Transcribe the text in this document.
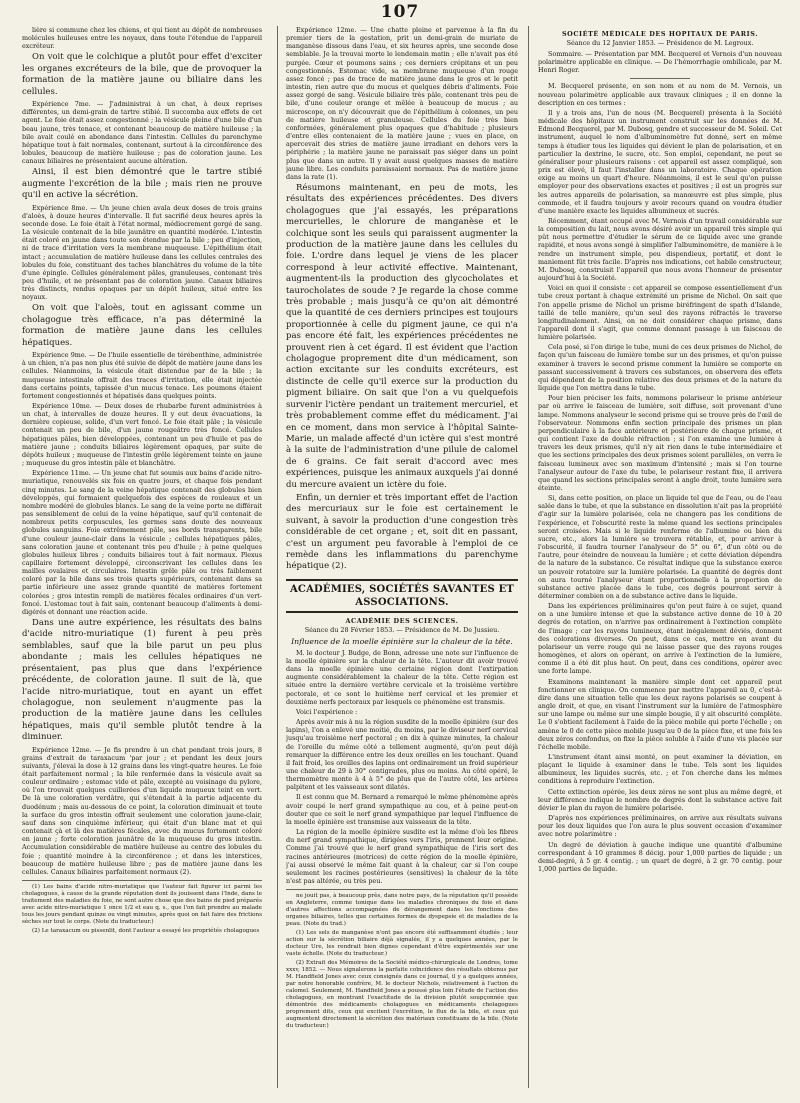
107

lière si commune chez les chiens, et qui tient au dépôt de nombreuses molécules huileuses entre les noyaux, dans toute l'étendue de l'appareil excréteur.

On voit que le colchique a plutôt pour effet d'exciter les organes excréteurs de la bile, que de provoquer la formation de la matière jaune ou biliaire dans les cellules.

Expérience 7me. — J'administrai à un chat, à deux reprises différentes, un demi-grain de tartre stibié. Il succomba aux effets de cet agent. Le foie était assez congestionné ; la vésicule pleine d'une bile d'un beau jaune, très tenace, et contenant beaucoup de matière huileuse ; la bile avait coulé en abondance dans l'intestin. Cellules du parenchyme hépatique tout à fait normales, contenant, surtout à la circonférence des lobules, beaucoup de matière huileuse ; pas de coloration jaune. Les canaux biliaires ne présentaient aucune altération.

Ainsi, il est bien démontré que le tartre stibié augmente l'excrétion de la bile ; mais rien ne prouve qu'il en active la sécrétion.

Expérience 8me. — Un jeune chien avala deux doses de trois grains d'aloès, à douze heures d'intervalle. Il fut sacrifié deux heures après la seconde dose. Le foie était à l'état normal, médiocrement gorgé de sang. La vésicule contenait de la bile jaunâtre en quantité modérée. L'intestin était coloré en jaune dans toute son étendue par la bile ; peu d'injection, ni de trace d'irritation vers la membrane muqueuse. L'épithélium était intact ; accumulation de matière huileuse dans les cellules centrales des lobules du foie, constituant des taches blanchâtres du volume de la tête d'une épingle. Cellules généralement pâles, granuleuses, contenant très peu d'huile, et ne présentant pas de coloration jaune. Canaux biliaires très distincts, rendus opaques par un dépôt huileux, situé entre les noyaux.

On voit que l'aloès, tout en agissant comme un cholagogue très efficace, n'a pas déterminé la formation de matière jaune dans les cellules hépatiques.

Expérience 9me. — De l'huile essentielle de térébenthine, administrée à un chien, n'a pas non plus été suivie de dépôt de matière jaune dans les cellules. Néanmoins, la vésicule était distendue par de la bile ; la muqueuse intestinale offrait des traces d'irritation, elle était injectée dans certains points, tapissée d'un mucus tenace. Les poumons étaient fortement congestionnés et hépatisés dans quelques points.

Expérience 10me. — Deux doses de rhubarbe furent administrées à un chat, à intervalles de douze heures. Il y eut deux évacuations, la dernière copieuse, solide, d'un vert foncé. Le foie était pâle ; la vésicule contenait un peu de bile, d'un jaune rougeâtre très foncé. Cellules hépatiques pâles, bien développées, contenant un peu d'huile et pas de matière jaune ; conduits biliaires légèrement opaques, par suite de dépôts huileux ; muqueuse de l'intestin grêle légèrement teinte en jaune ; muqueuse du gros intestin pâle et blanchâtre.

Expérience 11me. — Un jeune chat fut soumis aux bains d'acide nitro-muriatique, renouvelés six fois en quatre jours, et chaque fois pendant cinq minutes. Le sang de la veine hépatique contenait des globules bien développés, qui formaient quelquefois des espèces de rouleaux et un nombre modéré de globules blancs. Le sang de la veine porte ne différait pas sensiblement de celui de la veine hépatique, sauf qu'il contenait de nombreux petits corpuscules, les germes sans doute des nouveaux globules sanguins. Foie extrêmement pâle, ses bords transparents, bile d'une couleur jaune-clair dans la vésicule ; cellules hépatiques pâles, sans coloration jaune et contenant très peu d'huile ; à peine quelques globules huileux libres ; conduits biliaires tout à fait normaux. Plexus capillaire fortement développé, circonscrivant les cellules dans les mailles ovalaires et circulaires. Intestin grêle pâle ou très faiblement coloré par la bile dans ses trois quarts supérieurs, contenant dans sa partie inférieure une assez grande quantité de matières fortement colorées ; gros intestin rempli de matières fécales ordinaires d'un vert-foncé. L'estomac tout à fait sain, contenant beaucoup d'aliments à demi-digérés et donnant une réaction acide.

Dans une autre expérience, les résultats des bains d'acide nitro-muriatique (1) furent à peu près semblables, sauf que la bile parut un peu plus abondante ; mais les cellules hépatiques ne présentaient, pas plus que dans l'expérience précédente, de coloration jaune. Il suit de là, que l'acide nitro-muriatique, tout en ayant un effet cholagogue, non seulement n'augmente pas la production de la matière jaune dans les cellules hépatiques, mais qu'il semble plutôt tendre à la diminuer.

Expérience 12me. — Je fis prendre à un chat pendant trois jours, 8 grains d'extrait de taraxacum 'par jour ; et pendant les deux jours suivants, j'élevai la dose à 12 grains dans les vingt-quatre heures. Le foie était parfaitement normal ; la bile renfermée dans la vésicule avait sa couleur ordinaire ; estomac vide et pâle, excepté au voisinage du pylore, où l'on trouvait quelques cuillerées d'un liquide muqueux teint en vert. De là une coloration verdâtre, qui s'étendait à la partie adjacente du duodénum ; mais au-dessous de ce point, la coloration diminuait et toute la surface du gros intestin offrait seulement une coloration jaune-clair, sauf dans son cinquième inférieur, qui était d'un blanc mat et qui contenait çà et là des matières fécales, avec du mucus fortement coloré en jaune ; forte coloration jaunâtre de la muqueuse du gros intestin. Accumulation considérable de matière huileuse au centre des lobules du foie ; quantité moindre à la circonférence ; et dans les interstices, beaucoup de matière huileuse libre ; pas de matière jaune dans les cellules. Canaux biliaires parfaitement normaux (2).

(1) Les bains d'acide nitro-muriatique que l'auteur fait figurer ici parmi les cholagogues, à cause de la grande réputation dont ils jouissent dans l'Inde, dans le traitement des maladies du foie, ne sont autre chose que des bains de pied préparés avec acide nitro-muriatique 1 once 1/2 et eau q. s., que l'on fait prendre au malade tous les jours pendant quinze ou vingt minutes, après quoi on fait faire des frictions sèches sur tout le corps. (Note du traducteur.)

(2) Le taraxacum ou pissenlit, dont l'auteur a essayé les propriétés cholagogues

Expérience 12me. — Une chatte pleine et parvenue à la fin du premier tiers de la gestation, prit un demi-grain de muriate de manganèse dissous dans l'eau, et six heures après, une seconde dose semblable. Je la trouvai morte le lendemain matin ; elle n'avait pas été purgée. Cœur et poumons sains ; ces derniers crépitans et un peu congestionnés. Estomac vide, sa membrane muqueuse d'un rouge assez foncé ; pas de trace de matière jaune dans le gros et le petit intestin, rien autre que du mucus et quelques débris d'aliments. Foie assez gorgé de sang. Vésicule biliaire très pâle, contenant très peu de bile, d'une couleur orange et mêlée à beaucoup de mucus ; au microscope, on n'y découvrait que de l'épithélium à colonnes, un peu de matière huileuse et granuleuse. Cellules du foie très bien conformées, généralement plus opaques que d'habitude ; plusieurs d'entre elles contenaient de la matière jaune ; vues en place, on apercevait des stries de matière jaune irradiant en dehors vers la périphérie ; la matière jaune ne paraissait pas siéger dans un point plus que dans un autre. Il y avait aussi quelques masses de matière jaune libre. Les conduits paraissaient normaux. Pas de matière jaune dans la rate (1).

Résumons maintenant, en peu de mots, les résultats des expériences précédentes. Des divers cholagogues que j'ai essayés, les préparations mercurielles, le chlorure de manganèse et le colchique sont les seuls qui paraissent augmenter la production de la matière jaune dans les cellules du foie. L'ordre dans lequel je viens de les placer correspond à leur activité effective. Maintenant, augmentent-ils la production des glycocholates et taurocholates de soude ? Je regarde la chose comme très probable ; mais jusqu'à ce qu'on ait démontré que la quantité de ces derniers principes est toujours proportionnée à celle du pigment jaune, ce qui n'a pas encore été fait, les expériences précédentes ne prouvent rien à cet égard. Il est évident que l'action cholagogue proprement dite d'un médicament, son action excitante sur les conduits excréteurs, est distincte de celle qu'il exerce sur la production du pigment biliaire. On sait que l'on a vu quelquefois survenir l'ictère pendant un traitement mercuriel, et très probablement comme effet du médicament. J'ai en ce moment, dans mon service à l'hôpital Sainte-Marie, un malade affecté d'un ictère qui s'est montré à la suite de l'administration d'une pilule de calomel de 6 grains. Ce fait serait d'accord avec mes expériences, puisque les animaux auxquels j'ai donné du mercure avaient un ictère du foie.

Enfin, un dernier et très important effet de l'action des mercuriaux sur le foie est certainement le suivant, à savoir la production d'une congestion très considérable de cet organe ; et, soit dit en passant, c'est un argument peu favorable à l'emploi de ce remède dans les inflammations du parenchyme hépatique (2).

ACADÉMIES, SOCIÉTÉS SAVANTES ET ASSOCIATIONS.
ACADÉMIE DES SCIENCES.
Séance du 28 Février 1853. — Présidence de M. De Jussieu.
Influence de la moelle épinière sur la chaleur de la tête.

M. le docteur J. Budge, de Bonn, adresse une note sur l'influence de la moelle épinière sur la chaleur de la tête. L'auteur dit avoir trouvé dans la moelle épinière une certaine région dont l'extirpation augmente considérablement la chaleur de la tête. Cette région est située entre la dernière vertèbre cervicale et la troisième vertèbre pectorale, et ce sont le huitième nerf cervical et les premier et deuxième nerfs pectoraux par lesquels ce phénomène est transmis.

Voici l'expérience :

Après avoir mis à nu la région susdite de la moelle épinière (sur des lapins), l'on a enlevé une moitié, du moins, par le diviseur nerf cervical jusqu'au troisième nerf pectoral ; en dix à quinze minutes, la chaleur de l'oreille du même côté a tellement augmenté, qu'on peut déjà remarquer la différence entre les deux oreilles en les touchant. Quand il fait froid, les oreilles des lapins ont ordinairement un froid supérieur une chaleur de 29 à 30° centigrades, plus ou moins. Au côté opéré, le thermomètre monte à 4 à 5° de plus que de l'autre côté, les artères palpitent et les vaisseaux sont dilatés.

Il est connu que M. Bernard a remarqué le même phénomène après avoir coupé le nerf grand sympathique au cou, et à peine peut-on douter que ce soit le nerf grand sympathique par lequel l'influence de la moelle épinière est transmise aux vaisseaux de la tête.

La région de la moelle épinière susdite est la même d'où les fibres du nerf grand sympathique, dirigées vers l'iris, prennent leur origine. Comme j'ai trouvé que le nerf grand sympathique de l'iris sort des racines antérieures (motrices) de cette région de la moelle épinière, j'ai aussi observé le même fait quant à la chaleur, car si l'on coupe seulement les racines postérieures (sensitives) la chaleur de la tête n'est pas altérée, ou très peu.

ne jouit pas, à beaucoup près, dans notre pays, de la réputation qu'il possède en Angleterre, comme tonique dans les maladies chroniques du foie et dans d'autres affections accompagnées de dérangement dans les fonctions des organes biliaires, telles que certaines formes de dyspepsie et de maladies de la peau. (Note du trad.)

(1) Les sels de manganèse n'ont pas encore été suffisamment étudiés ; leur action sur la sécrétion biliaire déjà signalée, il y a quelques années, par le docteur Ure, les rendrait bien dignes cependant d'être expérimentés sur une vaste échelle. (Note du traducteur.)

(2) Extrait des Mémoires de la Société médico-chirurgicale de Londres, tome xxxv, 1852. — Nous signalerons la parfaite coïncidence des résultats obtenus par M. Handfield Jones avec ceux consignés dans ce journal, il y a quelques années, par notre honorable confrère, M. le docteur Nichols, relativement à l'action du calomel. Seulement, M. Handfield Jones a poussé plus loin l'étude de l'action des cholagogues, en montrant l'exactitude de la division plutôt soupçonnée que démontrée des médicaments cholagogues en médicaments cholagogues proprement dits, ceux qui excitent l'excrétion, le flux de la bile, et ceux qui augmentent directement la sécrétion des matériaux constituans de la bile. (Note du traducteur.)

SOCIÉTÉ MÉDICALE DES HOPITAUX DE PARIS.
Séance du 12 Janvier 1853. — Présidence de M. Legroux.

Sommaire. — Présentation par MM. Becquerel et Vernois d'un nouveau polarimètre applicable en clinique. — De l'hémorrhagie ombilicale, par M. Henri Roger.

M. Becquerel présente, en son nom et au nom de M. Vernois, un nouveau polarimètre applicable aux travaux cliniques ; il en donne la description en ces termes :

Il y a trois ans, l'un de nous (M. Becquerel) présenta à la Société médicale des hôpitaux un instrument construit sur les données de M. Edmond Becquerel, par M. Dubosq, gendre et successeur de M. Soleil. Cet instrument, auquel le nom d'albuminomètre fut donné, sert en même temps à étudier tous les liquides qui dévient le plan de polarisation, et en particulier la dextrine, le sucre, etc. Son emploi, cependant, ne peut se généraliser pour plusieurs raisons : cet appareil est assez compliqué, son prix est élevé, il faut l'installer dans un laboratoire. Chaque opération exige au moins un quart d'heure. Néanmoins, il est le seul qu'on puisse employer pour des observations exactes et positives ; il est un progrès sur les autres appareils de polarisation, sa manœuvre est plus simple, plus commode, et il faudra toujours y avoir recours quand on voudra étudier d'une manière exacte les liquides albumineux et sucrés.

Récemment, étant occupé avec M. Vernois d'un travail considérable sur la composition du lait, nous avons désiré avoir un appareil très simple qui pût nous permettre d'étudier le sérum de ce liquide avec une grande rapidité, et nous avons songé à simplifier l'albuminomètre, de manière à le rendre un instrument simple, peu dispendieux, portatif, et dont le maniement fût très facile. D'après nos indications, cet habile constructeur, M. Dubosq, construisit l'appareil que nous avons l'honneur de présenter aujourd'hui à la Société.

Voici en quoi il consiste : cet appareil se compose essentiellement d'un tube creux portant à chaque extrémité un prisme de Nichol. On sait que l'on appelle prisme de Nichol un prisme biréfringent de spath d'Islande, taillé de telle manière, qu'un seul des rayons réfractés le traverse longitudinalement. Ainsi, on ne doit considérer chaque prisme, dans l'appareil dont il s'agit, que comme donnant passage à un faisceau de lumière polarisée.

Cela posé, si l'on dirige le tube, muni de ces deux prismes de Nichol, de façon qu'un faisceau de lumière tombe sur un des prismes, et qu'on puisse examiner à travers le second prisme comment la lumière se comporte en passant successivement à travers ces substances, on observera des effets qui dépendent de la position relative des deux prismes et de la nature du liquide que l'on mettra dans le tube.

Pour bien préciser les faits, nommons polariseur le prisme antérieur par où arrive le faisceau de lumière, soit diffuse, soit provenant d'une lampe. Nommons analyseur le second prisme qui se trouve près de l'œil de l'observateur. Nommons enfin section principale des prismes un plan perpendiculaire à la face antérieure et postérieure de chaque prisme, et qui contient l'axe de double réfraction ; si l'on examine une lumière à travers les deux prismes, qu'il n'y ait rien dans le tube intermédiaire et que les sections principales des deux prismes soient parallèles, on verra le faisceau lumineux avec son maximum d'intensité ; mais si l'on tourne l'analyseur autour de l'axe du tube, le polariseur restant fixe, il arrivera que quand les sections principales seront à angle droit, toute lumière sera éteinte.

Si, dans cette position, on place un liquide tel que de l'eau, ou de l'eau salée dans le tube, et que la substance en dissolution n'ait pas la propriété d'agir sur la lumière polarisée, cela ne changera pas les conditions de l'expérience, et l'obscurité reste la même quand les sections principales seront croisées. Mais si le liquide renferme de l'albumine ou bien du sucre, etc., alors la lumière se trouvera rétablie, et, pour arriver à l'obscurité, il faudra tourner l'analyseur de 5° ou 6°, d'un côté ou de l'autre, pour éteindre de nouveau la lumière ; et cette déviation dépendra de la nature de la substance. Ce résultat indique que la substance exerce un pouvoir rotatoire sur la lumière polarisée. La quantité de degrés dont on aura tourné l'analyseur étant proportionnelle à la proportion de substance active placée dans le tube, ces degrés pourront servir à déterminer combien on a de substance active dans le liquide.

Dans les expériences préliminaires qu'on peut faire à ce sujet, quand on a une lumière intense et que la substance active donne de 10 à 20 degrés de rotation, on n'arrive pas ordinairement à l'extinction complète de l'image ; car les rayons lumineux, étant inégalement déviés, donnent des colorations diverses. On peut, dans ce cas, mettre en avant du polariseur un verre rouge qui ne laisse passer que des rayons rouges homogènes, et alors on opérant, on arrive à l'extinction de la lumière, comme il a été dit plus haut. On peut, dans ces conditions, opérer avec une forte lampe.

Examinons maintenant la manière simple dont cet appareil peut fonctionner en clinique. On commence par mettre l'appareil au 0, c'est-à-dire dans une situation telle que les deux rayons polarisés se coupent à angle droit, et que, en visant l'instrument sur la lumière de l'atmosphère sur une lampe ou même sur une simple bougie, il y ait obscurité complète. Le 0 s'obtient facilement à l'aide de la pièce mobile qui porte l'échelle ; on amène le 0 de cette pièce mobile jusqu'au 0 de la pièce fixe, et une fois les deux zéros confondus, on fixe la pièce soluble à l'aide d'une vis placée sur l'échelle mobile.

L'instrument étant ainsi monté, on peut examiner la déviation, en plaçant le liquide à examiner dans le tube. Tels sont les liquides albumineux, les liquides sucrés, etc. ; et l'on cherche dans les mêmes conditions à reproduire l'extinction.

Cette extinction opérée, les deux zéros ne sont plus au même degré, et leur différence indique le nombre de degrés dont la substance active fait dévier le plan du rayon de lumière polarisée.

D'après nos expériences préliminaires, on arrive aux résultats suivans pour les deux liquides que l'on aura le plus souvent occasion d'examiner avec notre polarimètre :

Un degré de déviation à gauche indique une quantité d'albumine correspondant à 10 grammes 8 décig. pour 1,000 parties de liquide ; un demi-degré, à 5 gr. 4 centig. ; un quart de degré, à 2 gr. 70 centig. pour 1,000 parties de liquide.
